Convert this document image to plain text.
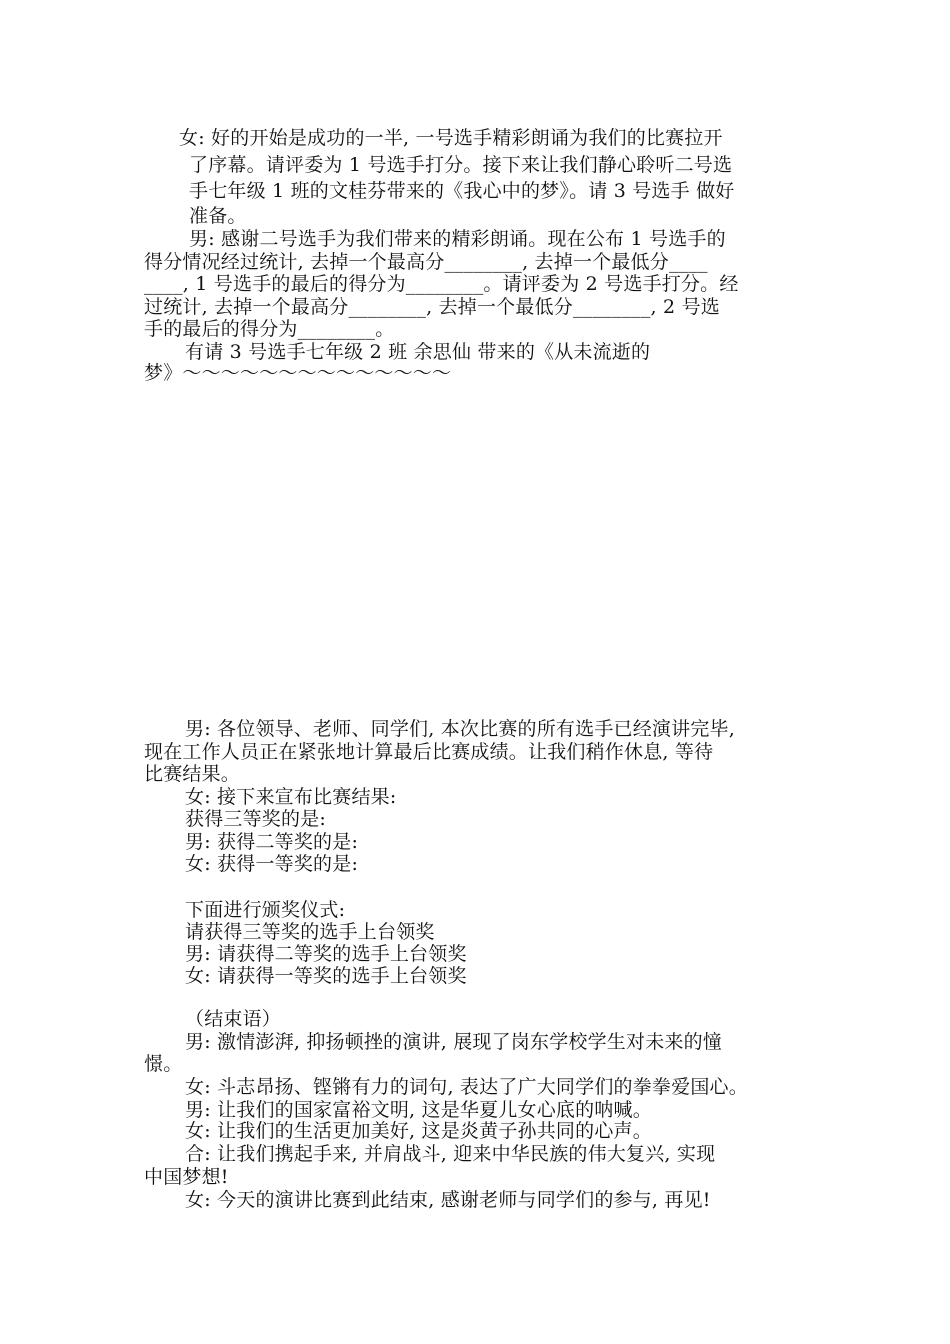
女: 好的开始是成功的一半, 一号选手精彩朗诵为我们的比赛拉开
了序幕。请评委为 1 号选手打分。接下来让我们静心聆听二号选
手七年级 1 班的文桂芬带来的《我心中的梦》。请 3 号选手 做好
准备。
男: 感谢二号选手为我们带来的精彩朗诵。现在公布 1 号选手的
得分情况经过统计, 去掉一个最高分________, 去掉一个最低分____
____, 1 号选手的最后的得分为________。请评委为 2 号选手打分。经
过统计, 去掉一个最高分________, 去掉一个最低分________, 2 号选
手的最后的得分为________。
有请 3 号选手七年级 2 班 余思仙 带来的《从未流逝的
梦》～～～～～～～～～～～～～～
男: 各位领导、老师、同学们, 本次比赛的所有选手已经演讲完毕,
现在工作人员正在紧张地计算最后比赛成绩。让我们稍作休息, 等待
比赛结果。
女: 接下来宣布比赛结果:
获得三等奖的是:
男: 获得二等奖的是:
女: 获得一等奖的是:
下面进行颁奖仪式:
请获得三等奖的选手上台领奖
男: 请获得二等奖的选手上台领奖
女: 请获得一等奖的选手上台领奖
（结束语）
男: 激情澎湃, 抑扬顿挫的演讲, 展现了岗东学校学生对未来的憧
憬。
女: 斗志昂扬、铿锵有力的词句, 表达了广大同学们的拳拳爱国心。
男: 让我们的国家富裕文明, 这是华夏儿女心底的呐喊。
女: 让我们的生活更加美好, 这是炎黄子孙共同的心声。
合: 让我们携起手来, 并肩战斗, 迎来中华民族的伟大复兴, 实现
中国梦想!
女: 今天的演讲比赛到此结束, 感谢老师与同学们的参与, 再见!
